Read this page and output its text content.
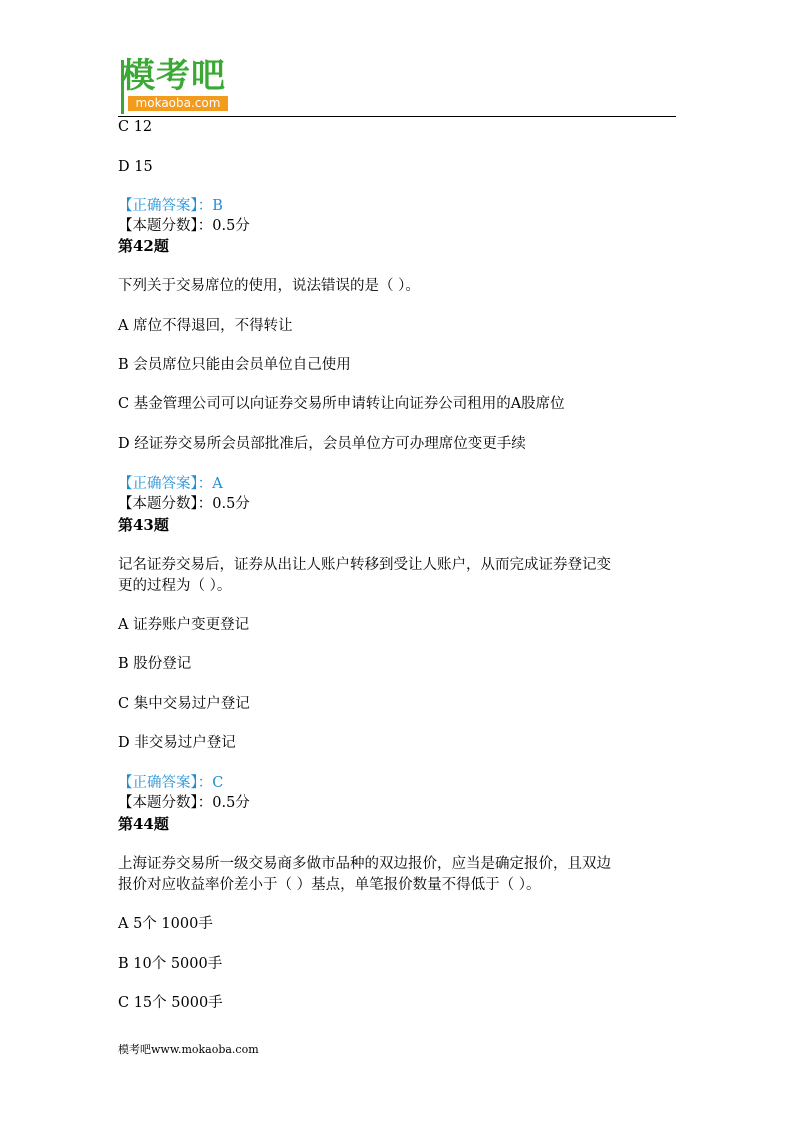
模考吧
mokaoba.com
C 12
D 15
【正确答案】：B
【本题分数】：0.5分
第42题
下列关于交易席位的使用，说法错误的是（ ）。
A 席位不得退回，不得转让
B 会员席位只能由会员单位自己使用
C 基金管理公司可以向证券交易所申请转让向证券公司租用的A股席位
D 经证券交易所会员部批准后，会员单位方可办理席位变更手续
【正确答案】：A
【本题分数】：0.5分
第43题
记名证券交易后，证券从出让人账户转移到受让人账户，从而完成证券登记变
更的过程为（ ）。
A 证券账户变更登记
B 股份登记
C 集中交易过户登记
D 非交易过户登记
【正确答案】：C
【本题分数】：0.5分
第44题
上海证券交易所一级交易商多做市品种的双边报价，应当是确定报价，且双边
报价对应收益率价差小于（ ）基点，单笔报价数量不得低于（ ）。
A 5个 1000手
B 10个 5000手
C 15个 5000手
模考吧www.mokaoba.com
